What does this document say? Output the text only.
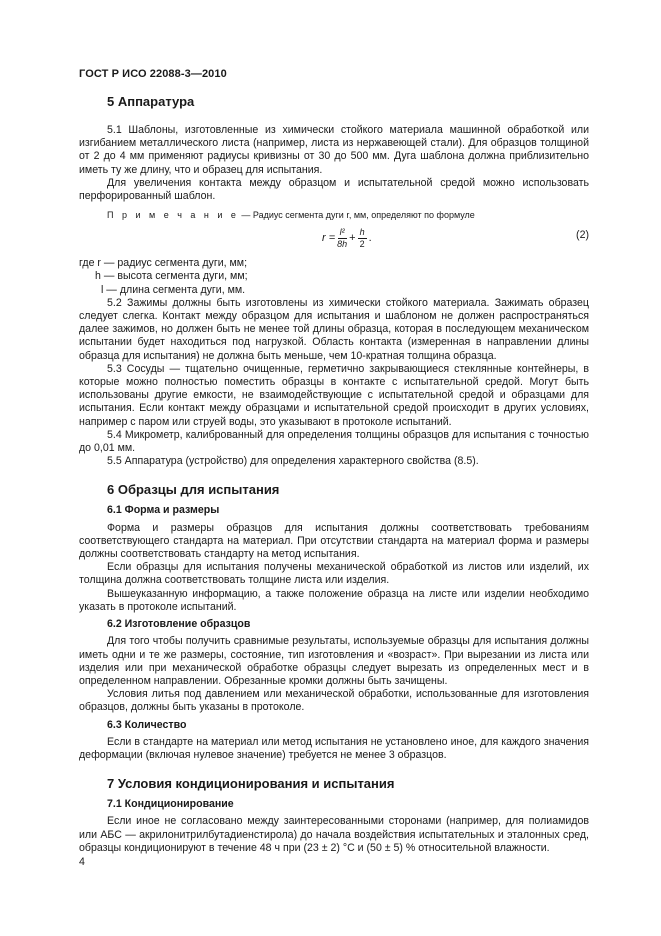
ГОСТ Р ИСО 22088-3—2010
5 Аппаратура

5.1 Шаблоны, изготовленные из химически стойкого материала машинной обработкой или изгибанием металлического листа (например, листа из нержавеющей стали). Для образцов толщиной от 2 до 4 мм применяют радиусы кривизны от 30 до 500 мм. Дуга шаблона должна приблизительно иметь ту же длину, что и образец для испытания.

Для увеличения контакта между образцом и испытательной средой можно использовать перфорированный шаблон.

П р и м е ч а н и е — Радиус сегмента дуги r, мм, определяют по формуле
$r = \frac{\text{l²}}{8h} + \frac{h}{2}$ .	(2)
где r — радиус сегмента дуги, мм;
h — высота сегмента дуги, мм;
l — длина сегмента дуги, мм.

5.2 Зажимы должны быть изготовлены из химически стойкого материала. Зажимать образец следует слегка. Контакт между образцом для испытания и шаблоном не должен распространяться далее зажимов, но должен быть не менее той длины образца, которая в последующем механическом испытании будет находиться под нагрузкой. Область контакта (измеренная в направлении длины образца для испытания) не должна быть меньше, чем 10-кратная толщина образца.

5.3 Сосуды — тщательно очищенные, герметично закрывающиеся стеклянные контейнеры, в которые можно полностью поместить образцы в контакте с испытательной средой. Могут быть использованы другие емкости, не взаимодействующие с испытательной средой и образцами для испытания. Если контакт между образцами и испытательной средой происходит в других условиях, например с паром или струей воды, это указывают в протоколе испытаний.

5.4 Микрометр, калиброванный для определения толщины образцов для испытания с точностью до 0,01 мм.

5.5 Аппаратура (устройство) для определения характерного свойства (8.5).

6 Образцы для испытания
6.1 Форма и размеры

Форма и размеры образцов для испытания должны соответствовать требованиям соответствующего стандарта на материал. При отсутствии стандарта на материал форма и размеры должны соответствовать стандарту на метод испытания.

Если образцы для испытания получены механической обработкой из листов или изделий, их толщина должна соответствовать толщине листа или изделия.

Вышеуказанную информацию, а также положение образца на листе или изделии необходимо указать в протоколе испытаний.

6.2 Изготовление образцов

Для того чтобы получить сравнимые результаты, используемые образцы для испытания должны иметь одни и те же размеры, состояние, тип изготовления и «возраст». При вырезании из листа или изделия или при механической обработке образцы следует вырезать из определенных мест и в определенном направлении. Обрезанные кромки должны быть зачищены.

Условия литья под давлением или механической обработки, использованные для изготовления образцов, должны быть указаны в протоколе.

6.3 Количество

Если в стандарте на материал или метод испытания не установлено иное, для каждого значения деформации (включая нулевое значение) требуется не менее 3 образцов.

7 Условия кондиционирования и испытания
7.1 Кондиционирование

Если иное не согласовано между заинтересованными сторонами (например, для полиамидов или АБС — акрилонитрилбутадиенстирола) до начала воздействия испытательных и эталонных сред, образцы кондиционируют в течение 48 ч при (23 ± 2) °С и (50 ± 5) % относительной влажности.

4
